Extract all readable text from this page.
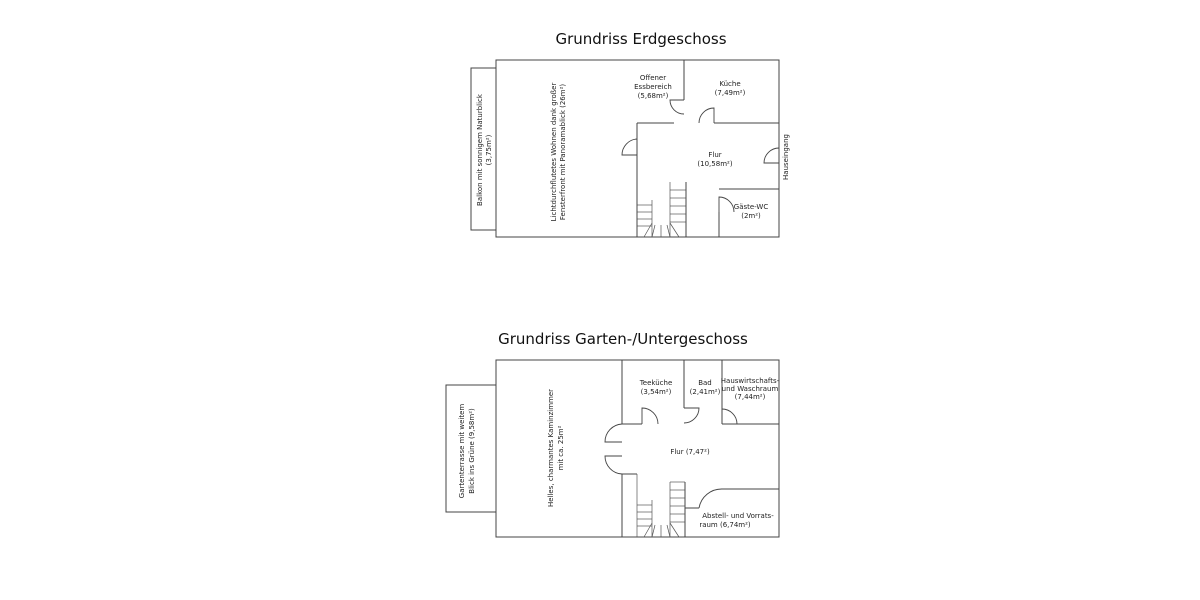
Grundriss Erdgeschoss
Balkon mit sonnigem Naturblick (3,75m²)	Lichtdurchflutetes Wohnen dank großer Fensterfront mit Panoramablick (26m²)
Offener
Essbereich
(5,68m²)
Küche
(7,49m²)
Flur
(10,58m²)
Gäste-WC
(2m²)
Hauseingang
Grundriss Garten-/Untergeschoss
Gartenterrasse mit weitem Blick ins Grüne (9,58m²)	Helles, charmantes Kaminzimmer mit ca. 25m²
Teeküche
(3,54m²)
Bad
(2,41m²)
Hauswirtschafts-
und Waschraum
(7,44m²)
Flur (7,47²)
Abstell- und Vorrats-
raum (6,74m²)
